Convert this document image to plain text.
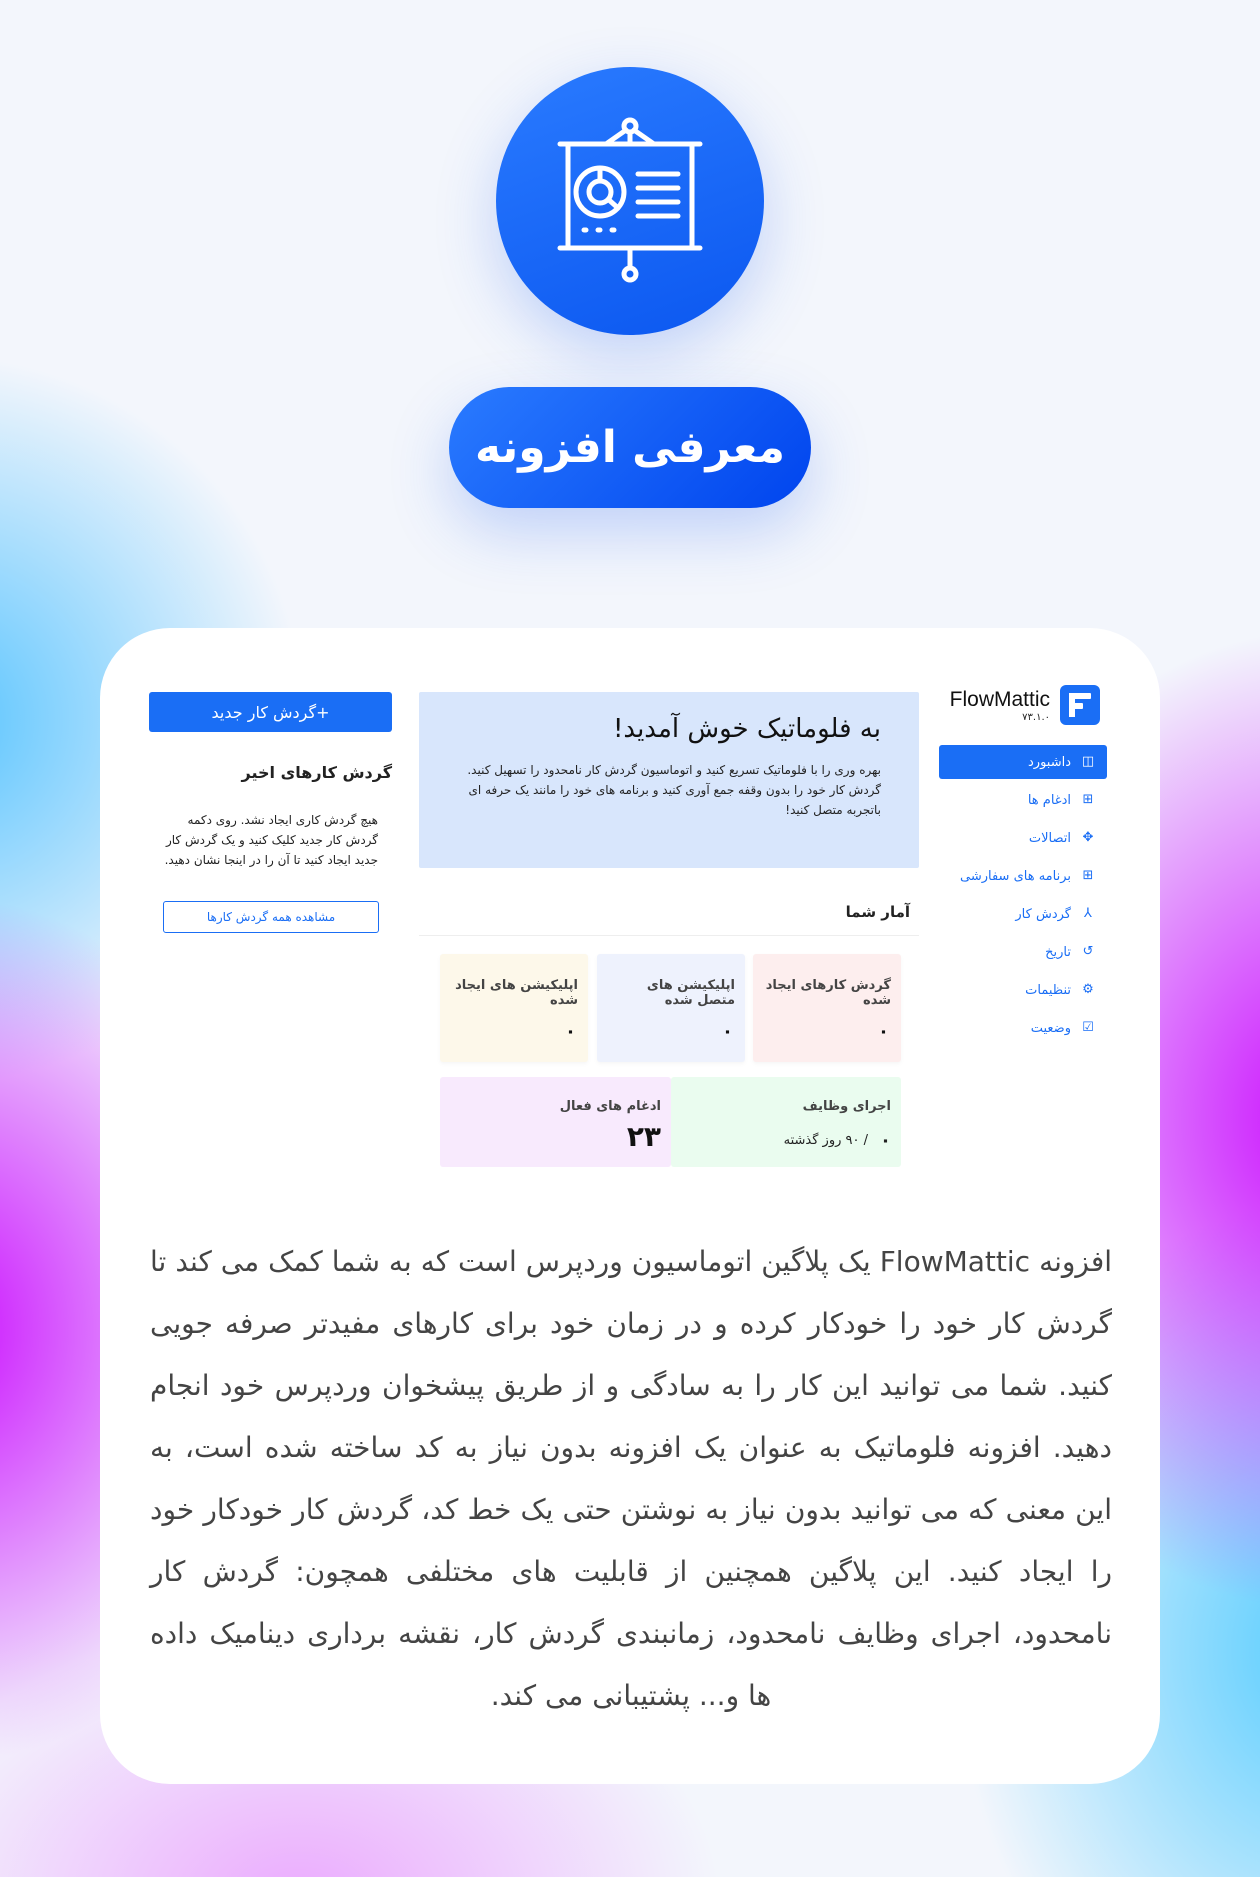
معرفی افزونه
FlowMattic
۷۳.۱.۰
◫
داشبورد
⊞
ادغام ها
✥
اتصالات
⊞
برنامه های سفارشی
⅄
گردش کار
↺
تاریخ
⚙
تنظیمات
☑
وضعیت
به فلوماتیک خوش آمدید!

بهره وری را با فلوماتیک تسریع کنید و اتوماسیون گردش کار نامحدود را تسهیل کنید. گردش کار خود را بدون وقفه جمع آوری کنید و برنامه های خود را مانند یک حرفه ای باتجربه متصل کنید!

آمار شما
گردش کارهای ایجاد شده
۰
اپلیکیشن های متصل شده
۰
اپلیکیشن های ایجاد شده
۰
اجرای وظایف
۰
/ ۹۰ روز گذشته
ادغام های فعال
۲۳
+گردش کار جدید
گردش کارهای اخیر
هیچ گردش کاری ایجاد نشد. روی دکمه گردش کار جدید کلیک کنید و یک گردش کار جدید ایجاد کنید تا آن را در اینجا نشان دهید.
مشاهده همه گردش کارها
افزونه FlowMattic یک پلاگین اتوماسیون وردپرس است که به شما کمک می کند تا گردش کار خود را خودکار کرده و در زمان خود برای کارهای مفیدتر صرفه جویی کنید. شما می توانید این کار را به سادگی و از طریق پیشخوان وردپرس خود انجام دهید. افزونه فلوماتیک به عنوان یک افزونه بدون نیاز به کد ساخته شده است، به این معنی که می توانید بدون نیاز به نوشتن حتی یک خط کد، گردش کار خودکار خود را ایجاد کنید. این پلاگین همچنین از قابلیت های مختلفی همچون: گردش کار نامحدود، اجرای وظایف نامحدود، زمانبندی گردش کار، نقشه برداری دینامیک داده ها و... پشتیبانی می کند.
